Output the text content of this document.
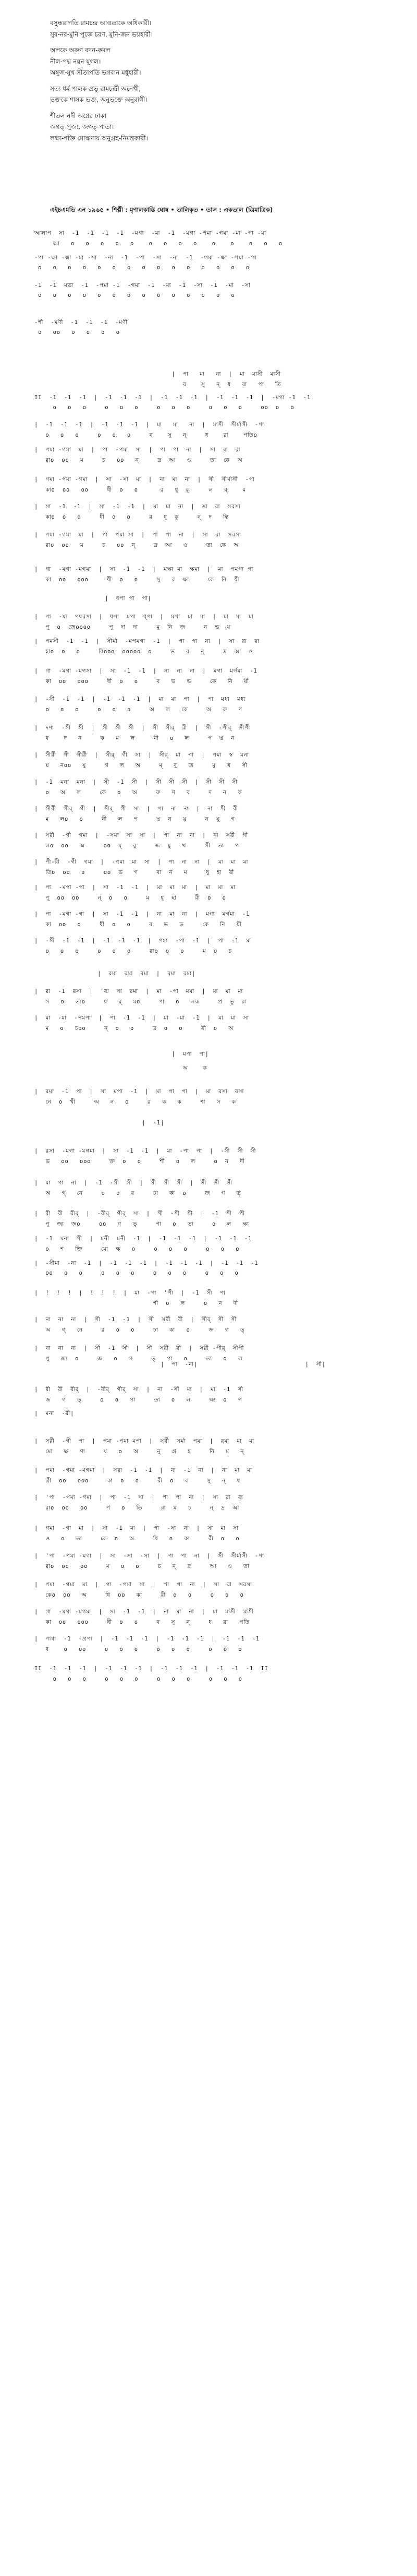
বসুন্ধরাপতি রামচন্দ্র আওতাকে অধিকারী।
সুর-নর-মুনি পূজে চরণ, মুনি-জন ভয়হারী।
অলকে অরুণ বদন-কমল
নীল-পদ্ম নয়ন যুগল।
অম্বুজ-মুখ সীতাপতি ভগবান মধুহারী।
সত্য ধর্ম পালক-প্রভু রামচন্দ্রী অনেখী,
ভক্তকে শাসক ভক্ত, অনুভক্তে অনুরাগী।
শীতল নদী অগ্নের ঢাকা
জগত্-পুজ্য, জগত্-পাতা।
লক্ষ্য-শক্তি মোক্ষণায় অনুগ্রহ-নিমন্ত্রকারী।
এইচএমভি এন ১৯৬৫ • শিল্পী : মৃণালকান্তি ঘোষ • তালিকৃত • তাল : একতাল (ত্রিমাত্রিক)
আলাপ  সা  -1  -1  -1  -1  -মগা  -মা  -1  -মগা -পমা -গমা -মা -গা -মা
আ   o   o   o   o   o    o   o   o   o    o    o    o   o   o
-পা -ক্ষা -ক্মা -মা -সা  -না  -1  -পা  -সা  -না  -1  -গমা -ক্ষা -পমা -গা
o   o   o   o   o   o   o   o   o   o   o   o   o   o   o
-1  -1  মভা  -1  -পমা -1  -গমা  -1  -মা  -1  -সা  -1  -মা  -সা
o   o   o   o   o   o   o   o   o   o   o   o   o   o
-শী  -মণী  -1  -1  -1  -মণী
o   oo   o   o   o   o
|  পা   মা   না  |  মা  মাসী  মাসী
ব    সু   ন্  ধ   রা   পা   তি
II  -1  -1  -1  |  -1  -1  -1  |  -1  -1  -1  |  -1  -1  -1  |  -মগা -1  -1
o   o   o     o   o   o     o   o   o     o   o   o     oo  o   o
|  -1  -1  -1  |  -1  -1  -1  |  মা   মা   না  |  মাসী  সীর্মাসী  -পা
o   o   o     o   o   o     ব    সু   ন্     ধ    রা    পতিo
|  পমা -গমা  মা  |  পা  -পমা  সা  |  পা  পা  না  |  সা  রা  রা
রাo  oo   ম     চ   oo   ন্     দ্র  আ   ও     তা  কে  অ
|  গমা -পমা -গমা  |  সা  -সা  মা  |  না  মা  না  |  সী  সীর্মাসী  -পা
কাo  oo   oo     ধী  o   o      র   ধু  কু     ল   র্    ম
|  সা  -1  -1  |  সা  -1  -1  |  মা  মা  না  |  সা  রা  সরসা
কাo  o   o     ধী  o   o     র   ধু  কু     ন্  দ   ন্তি
|  পমা -গমা  মা  |  পা  পমা সা  |  পা  পা  না  |  সা  রা  সরসা
রাo  oo   ম     চ   oo  ন্     দ্র  আ   ও     তা  কে  অ
|  গা  -মগা -মগমা  |  সা  -1  -1  |  মক্ষা মা  ক্ষমা  |  মা  পমপা পা
কা  oo   ooo     ধী  o   o     সু   র  ক্ষা     কে  নি  য়ী
|  ধপা পা  পা|
|  পা  -মা  পধরসা  |  ধপা  মপা  ধ্পা  |  মপা  মা  মা  |  মা  মা  মা
পূ  o  জেoooo     পূ  দা  দা     মু  নি  জ     ন  ভ  য়
|  পমসী  -1  -1  |  সীর্মা  -মপমগা  -1  |  পা  পা  না  |  সা  রা  রা
হাo  o   o     রিooo  ooooo  o     ভ   ব   ন্     দ্র  আ  ও
|  গা  -মগা -মগসা  |  সা  -1  -1  |  না  না  না  |  মগা  মর্গমা  -1
কা  oo   ooo     ধী  o   o     ব   ভ   ভ     কে   নি   য়ী
|  -সী  -1  -1  |  -1  -1  -1  |  মা  মা  পা  |  পা  মধা  মধা
o   o   o     o   o   o     অ   ল   কে     অ   রু   ণ
|  দণা  -সী  সী  |  সী  সী  সী  |  সী  সীর্  রী  |  সী  -পীর্  সীপী
ব    দ   ন     ক   ম   ল     নী   o   ল     প  দ্ম  ন
|  সীর্রী  গী  গীর্রী  |  সীর্  গী  সা  |  সীর্  মা  পা  |  পমা  স্ব  মনা
য়   নoo   যু     গ   ল   অ     ম্   বু   জ     মু   খ   সী
|  -1  মনা  মনা  |  সী  -1  সী  |  সী  সী  সী  |  সী  সী  সী
o   অ   ল     কে   o   অ     রু   ণ   ব     দ   ন   ক
|  সীর্রী  গীর্  গী  |  সীর্  গী  সা  |  পা  না  না  |  না  সী  রী
ম   লo   o     নী   ল   প     দ্ম  ন   য়     ন  যু   গ
|  সর্রী  -গী  গমা  |  -সমা  সা  সা  |  পা  না  না  |  না  সর্রী  গী
লo  oo   অ     oo  ম্   বু     জ  মু   খ     সী  তা   প
|  পী-রী  -গী  গমা  |  -পমা  মা  সা  |  পা  না  না  |  মা  মা  মা
তিo  oo   o     oo  ভ   গ     বা  ন   ম     ধু  হা  রী
|  পা  -মপা -পা  |  সা  -1  -1  |  মা  মা  মা  |  মা  মা  মা
পূ  oo  oo     ন্  o   o     ম   ধু  হা     রী  o   o
|  পা  -মগা -গা  |  সা  -1  -1  |  না  মা  না  |  মগা  মর্গমা  -1
কা  oo   o     ধী  o   o     ব   ভ   ভ     কে   নি   য়ী
|  -সী  -1  -1  |  -1  -1  -1  |  পমা  -পা  -1  |  পা  -1  মা
o   o   o     o   o   o     রাo  o   o     ম  o   চ
|  রমা  রমা  রমা  |  রমা  রমা|
|  রা  -1  রসা  |  'রা  সা  রমা  |  মা  -পা  মমা  |  মা  মা  মা
স   o   ত্যo     ধ   র্   মo     পা   o   লক     প্র  ভু  রা
|  মা  -মা  -পমপা  |  পা  -1  -1  |  মা  -মা  -1  |  মা  মা  সা
ম   o   চoo     ন্  o   o     দ্র  o   o     রী  o   অ
|  মপা  পা|
অ    ক
|  রমা  -1  পা  |  সা  মপা  -1  |  মা  পা  পা  |  মা  রসা  রসা
নে  o  খী     অ   ন   o     র   ক   ক     শা   স   ক
|  -1|
|  রসা  -মগা -মগমা  |  সা  -1  -1  |  মা  -পা  পা  |  -সী  সী  সী
ভ   oo   ooo     ক্ত  o   o     শী   o   ল     o  ন   দী
|  মা  পা  না  |  -1  -সী  সী  |  সী  সী  সী  |  সী  সী  সী
অ   গ্   নে     o   o   র     ঢা   কা  o     জ   গ   ত্
|  রী  রী  রীর্  |  -রীর্  গীর্  সা  |  সী  -সী  সী  |  -1  সী  পী
পু  জ্য  জo     oo   গ   ত্     পা   o   তা     o   ল   ক্ষ্য
|  -1  মনা  সী  |  মনী  মনী  -1  |  -1  -1  -1  |  -1  -1  -1
o   শ   ক্তি     মো  ক্ষ   o     o   o   o     o   o   o
|  -সীমা  -না  -1  |  -1  -1  -1  |  -1  -1  -1  |  -1  -1  -1
oo   o   o     o   o   o     o   o   o     o   o   o
|  !  !  !  |  !  !  !  |  মা  -পা  'পী  |  -1  সী  পা
শী  o   ল     o   ন   দী
|  না  না  না  |  সী  -1  -1  |  সী  সর্রী  রী  |  সীর্  সী  সী
অ   গ্   নে     র   o   o     ঢা   কা   o     জ   গ   ত্
|  না  না  না  |  সী  -1  সী  |  সী  সর্রী  রী  |  সর্রী -পীর্  সীপী
পু   জ্য  o     জ   o   গ     ত্   পা   o     তা   o   ল
|  পা  -না|                             |  সী|
|  রী  রী  রীর্  |  -রীর্  গীর্  সা  |  না  -সী  মা  |  মা  -1  সী
জ   গ   ত্     o   o   পা     তা   o   ল     ক্ষ্য  o   প
|  মনা  -রী|
|  সর্রী  -গী  পা  |  পমা -পমা মপা  |  সর্রী  সর্মা  পমা  |  রমা  মা  মা
মো   ক্ষ   ণা     য়   o   অ     নু   গ্র   হ     নি   ম   ন্
|  পমা  -গমা -মগমা  |  সরা  -1  -1  |  না  -1  না  |  না  মা  মা
ত্রী  oo   ooo     কা  o   o     রী  o   ব     সু   ন্   ধ
|  'পা  -পমা -গমা  |  পা  -1  সা  |  পা  পা  না  |  সা  রা  রা
রাo  oo   oo     প   o   তি     রা  ম   চ     ন্  দ্র  আ
|  গমা  -গা  মা  |  সা  -1  মা  |  পা  -সা  না  |  সা  মা  সা
ও   o   তা     কে  o   অ     ধি   o   কা     রী  o   o
|  'পা  -পমা -মগা  |  সা  -সা  -সা  |  পা  পা  না  |  সী  সীর্মাসী  -পা
রাo  oo   oo     ম   o   o     চ   ন্   দ্র     আ   ও   তা
|  পমা  -গমা  মা  |  পা  -পমা  সা  |  পা  পা  না  |  সা  রা  সরসা
কেo  oo   অ     ধি  oo   কা     রী  o   o     o   o   o
|  গা  -মগা -মগমা  |  সা  -1  -1  |  না  মা  না  |  মা  মাসী  মাসী
কা  oo   ooo     ধী  o   o     ব   সু   ন্     ধ   রা   পতি
|  পাধা  -1  -প্রপা  |  -1  -1  -1  |  -1  -1  -1  |  -1  -1  -1
ব    o   oo     o   o   o     o   o   o     o   o   o
II  -1  -1  -1  |  -1  -1  -1  |  -1  -1  -1  |  -1  -1  -1  II
o   o   o     o   o   o     o   o   o     o   o   o
